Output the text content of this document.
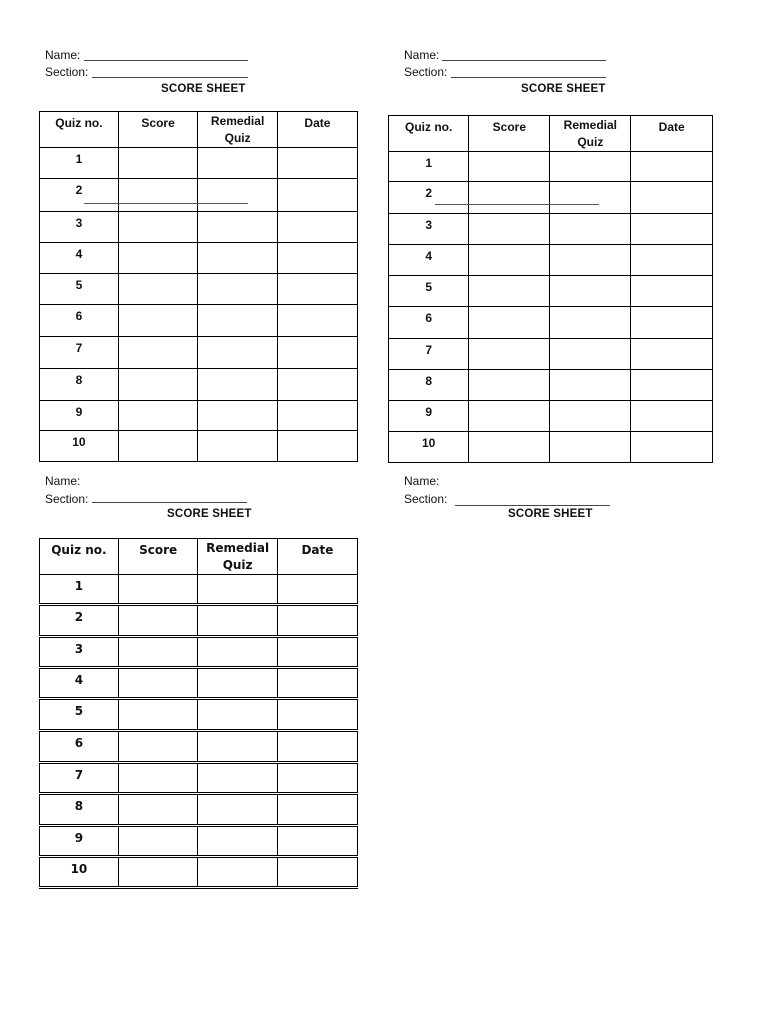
Name:
Section:
SCORE SHEET
Quiz no.	Score	Remedial Quiz	Date
1			
2			
3			
4			
5			
6			
7			
8			
9			
10			
Name:
Section:
SCORE SHEET
Quiz no.	Score	Remedial Quiz	Date
1			
2			
3			
4			
5			
6			
7			
8			
9			
10			
Name:
Section:
SCORE SHEET
Quiz no.	Score	Remedial Quiz	Date
1			
2			
3			
4			
5			
6			
7			
8			
9			
10			
Name:
Section:
SCORE SHEET
